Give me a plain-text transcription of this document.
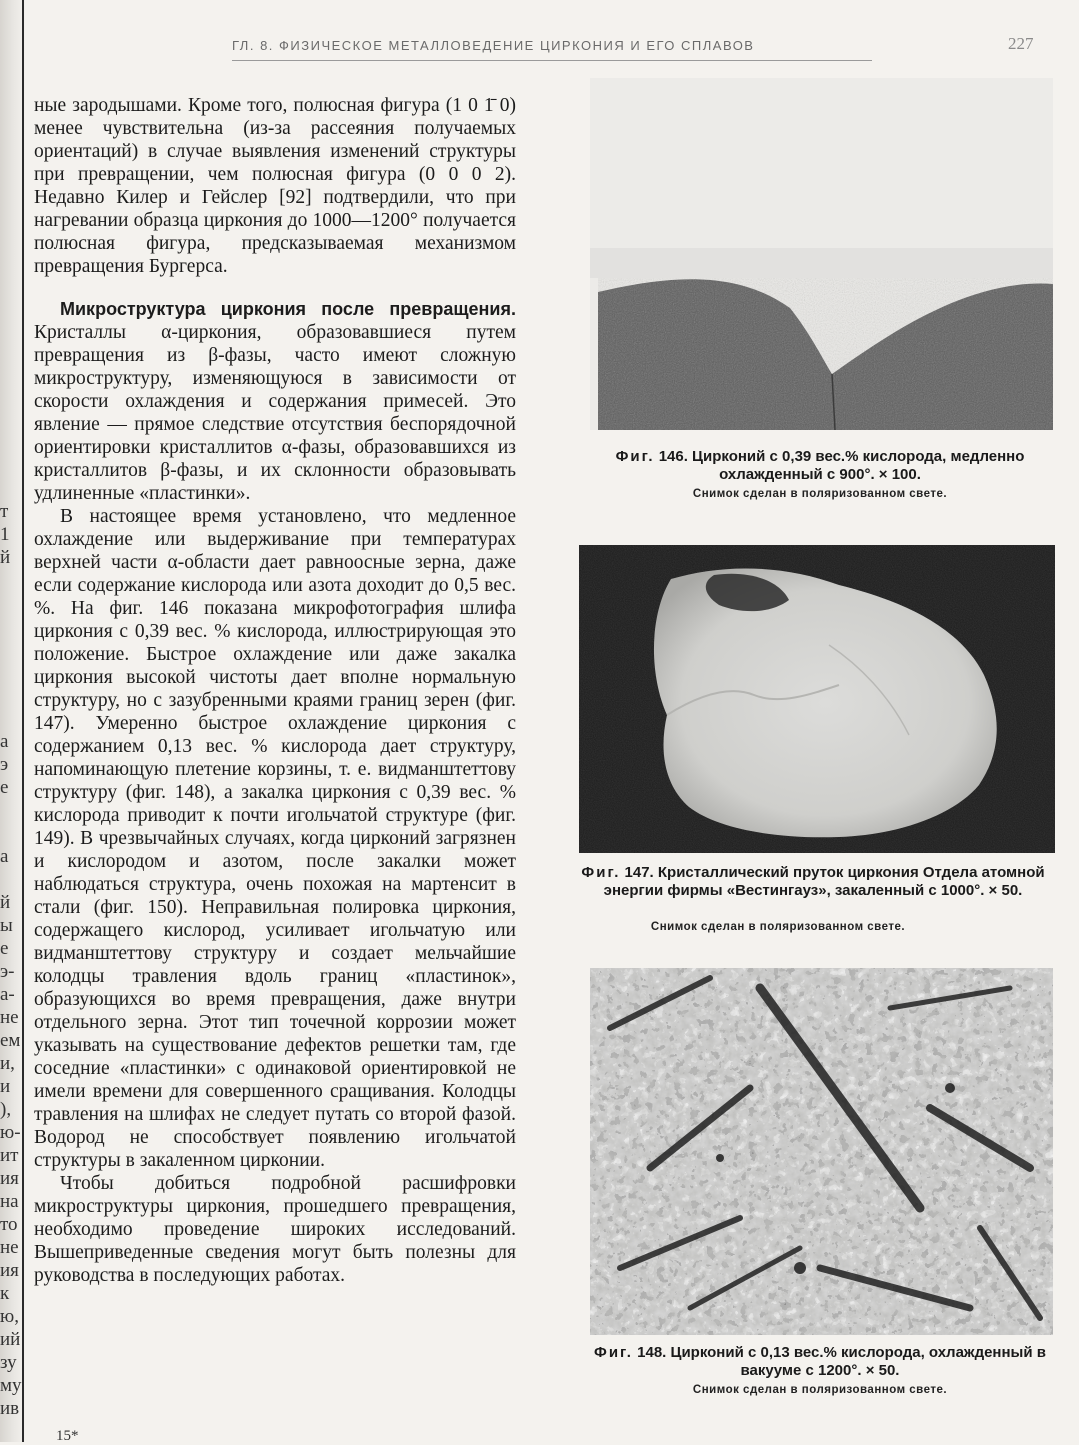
т
1
й

а
э
е

а

й
ы
е
э-
а-
не
ем
и,
и
),
ю-
ит
ия
на
то
не
ия
к
ю,
ий
зу
му
ив
ГЛ. 8. ФИЗИЧЕСКОЕ МЕТАЛЛОВЕДЕНИЕ ЦИРКОНИЯ И ЕГО СПЛАВОВ	227

ные зародышами. Кроме того, полюсная фигура (1 0 1̄ 0) менее чувствительна (из-за рассеяния получаемых ориентаций) в случае выявления изменений структуры при превращении, чем полюсная фигура (0 0 0 2). Недавно Килер и Гейслер [92] подтвердили, что при нагревании образца циркония до 1000—1200° получается полюсная фигура, предсказываемая механизмом превращения Бургерса.

Микроструктура циркония после превращения. Кристаллы α-циркония, образовавшиеся путем превращения из β-фазы, часто имеют сложную микроструктуру, изменяющуюся в зависимости от скорости охлаждения и содержания примесей. Это явление — прямое следствие отсутствия беспорядочной ориентировки кристаллитов α-фазы, образовавшихся из кристаллитов β-фазы, и их склонности образовывать удлиненные «пластинки».

В настоящее время установлено, что медленное охлаждение или выдерживание при температурах верхней части α-области дает равноосные зерна, даже если содержание кислорода или азота доходит до 0,5 вес. %. На фиг. 146 показана микрофотография шлифа циркония с 0,39 вес. % кислорода, иллюстрирующая это положение. Быстрое охлаждение или даже закалка циркония высокой чистоты дает вполне нормальную структуру, но с зазубренными краями границ зерен (фиг. 147). Умеренно быстрое охлаждение циркония с содержанием 0,13 вес. % кислорода дает структуру, напоминающую плетение корзины, т. е. видманштеттову структуру (фиг. 148), а закалка циркония с 0,39 вес. % кислорода приводит к почти игольчатой структуре (фиг. 149). В чрезвычайных случаях, когда цирконий загрязнен и кислородом и азотом, после закалки может наблюдаться структура, очень похожая на мартенсит в стали (фиг. 150). Неправильная полировка циркония, содержащего кислород, усиливает игольчатую или видманштеттову структуру и создает мельчайшие колодцы травления вдоль границ «пластинок», образующихся во время превращения, даже внутри отдельного зерна. Этот тип точечной коррозии может указывать на существование дефектов решетки там, где соседние «пластинки» с одинаковой ориентировкой не имели времени для совершенного сращивания. Колодцы травления на шлифах не следует путать со второй фазой. Водород не способствует появлению игольчатой структуры в закаленном цирконии.

Чтобы добиться подробной расшифровки микроструктуры циркония, прошедшего превращения, необходимо проведение широких исследований. Вышеприведенные сведения могут быть полезны для руководства в последующих работах.

Фиг. 146. Цирконий с 0,39 вес.% кислорода, медленно охлажденный с 900°. × 100.
Снимок сделан в поляризованном свете.
Фиг. 147. Кристаллический пруток циркония Отдела атомной энергии фирмы «Вестингауз», закаленный с 1000°. × 50.
Снимок сделан в поляризованном свете.
Фиг. 148. Цирконий с 0,13 вес.% кислорода, охлажденный в вакууме с 1200°. × 50.
Снимок сделан в поляризованном свете.
15*
